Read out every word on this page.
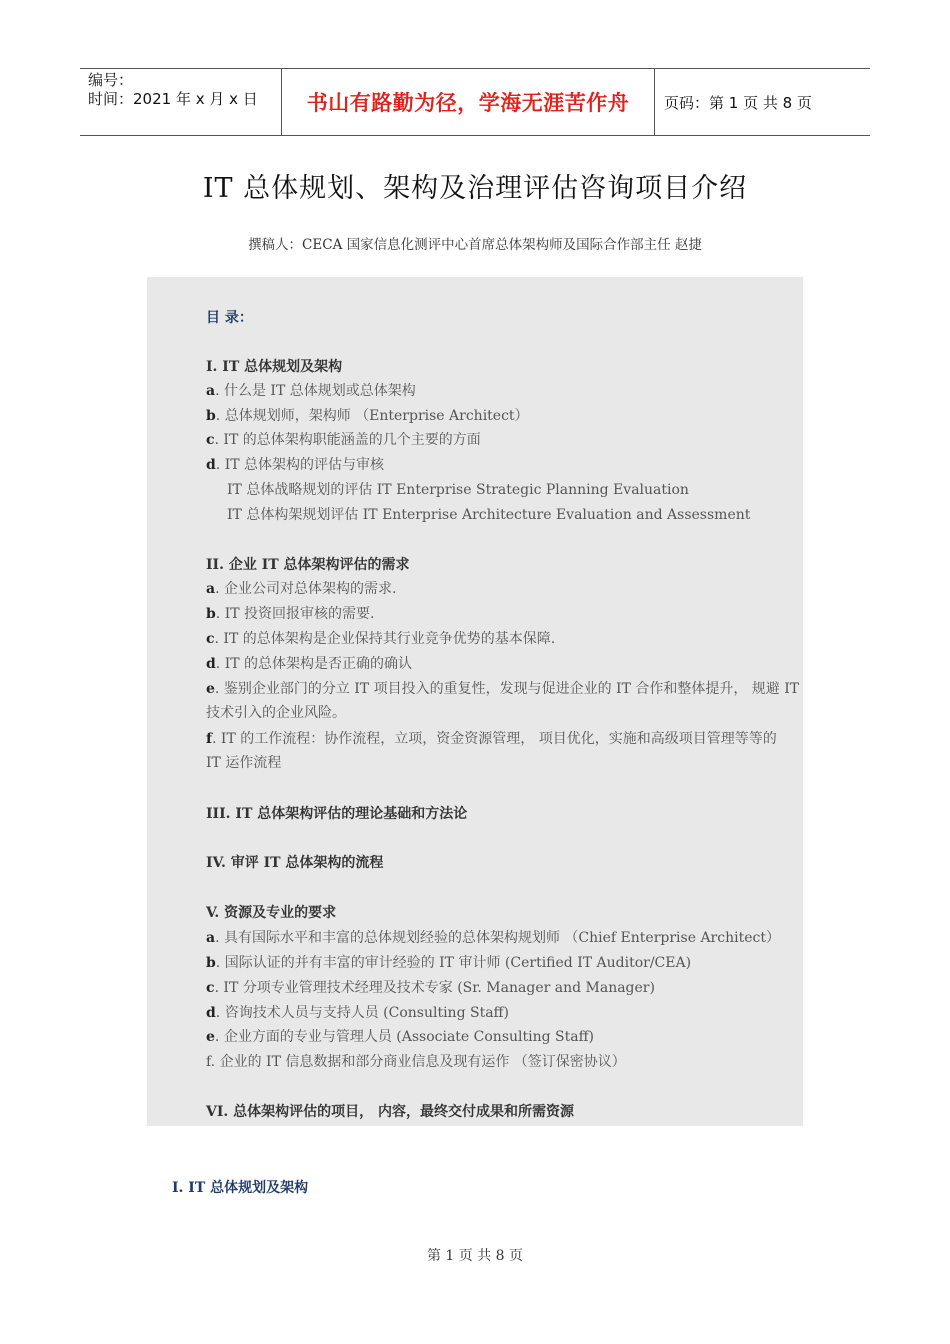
编号：
时间：2021 年 x 月 x 日	书山有路勤为径，学海无涯苦作舟 页码：第 1 页 共 8 页
IT 总体规划、架构及治理评估咨询项目介绍
撰稿人：CECA 国家信息化测评中心首席总体架构师及国际合作部主任 赵捷
目 录：
I. IT 总体规划及架构
a. 什么是 IT 总体规划或总体架构
b. 总体规划师，架构师 （Enterprise Architect）
c. IT 的总体架构职能涵盖的几个主要的方面
d. IT 总体架构的评估与审核
IT 总体战略规划的评估 IT Enterprise Strategic Planning Evaluation
IT 总体构架规划评估 IT Enterprise Architecture Evaluation and Assessment
II. 企业 IT 总体架构评估的需求
a. 企业公司对总体架构的需求.
b. IT 投资回报审核的需要.
c. IT 的总体架构是企业保持其行业竞争优势的基本保障.
d. IT 的总体架构是否正确的确认
e. 鉴别企业部门的分立 IT 项目投入的重复性，发现与促进企业的 IT 合作和整体提升， 规避 IT
技术引入的企业风险。
f. IT 的工作流程：协作流程，立项，资金资源管理， 项目优化，实施和高级项目管理等等的
IT 运作流程
III. IT 总体架构评估的理论基础和方法论
IV. 审评 IT 总体架构的流程
V. 资源及专业的要求
a. 具有国际水平和丰富的总体规划经验的总体架构规划师 （Chief Enterprise Architect）
b. 国际认证的并有丰富的审计经验的 IT 审计师 (Certified IT Auditor/CEA)
c. IT 分项专业管理技术经理及技术专家 (Sr. Manager and Manager)
d. 咨询技术人员与支持人员 (Consulting Staff)
e. 企业方面的专业与管理人员 (Associate Consulting Staff)
f. 企业的 IT 信息数据和部分商业信息及现有运作 （签订保密协议）
VI. 总体架构评估的项目， 内容，最终交付成果和所需资源
I. IT 总体规划及架构
第 1 页 共 8 页
